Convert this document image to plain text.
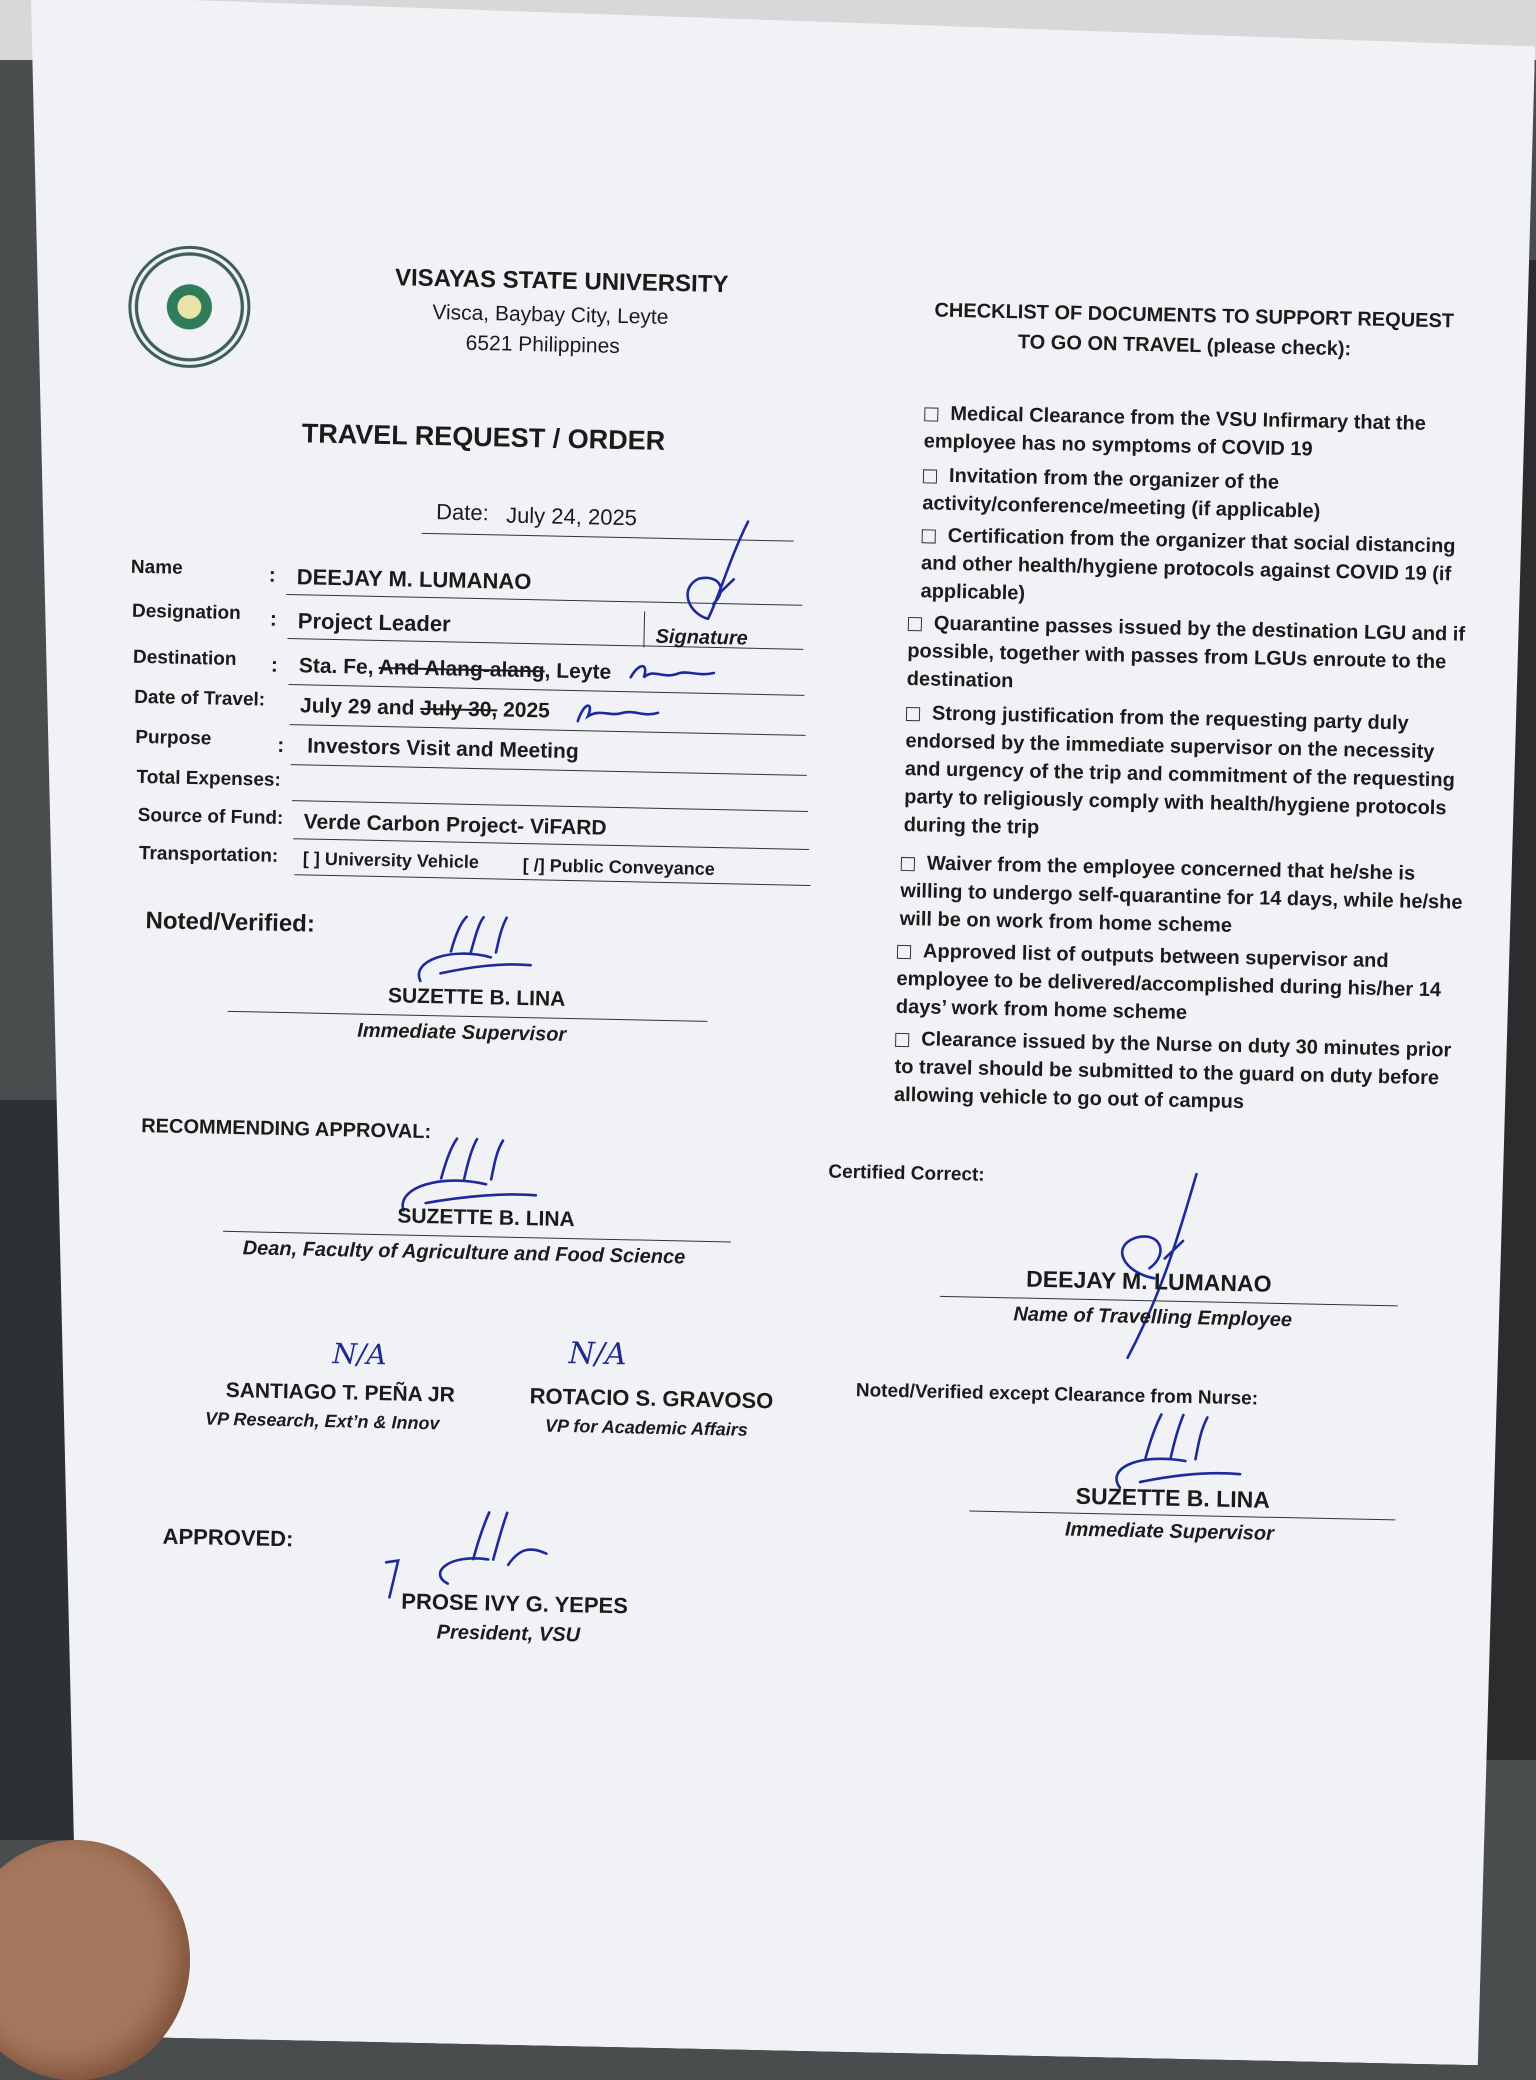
VISAYAS STATE UNIVERSITY
Visca, Baybay City, Leyte
6521 Philippines
TRAVEL REQUEST / ORDER
Date: July 24, 2025
Name	: DEEJAY M. LUMANAO
Designation : Project Leader
Signature
Destination : Sta. Fe, And Alang-alang, Leyte
Date of Travel: July 29 and July 30, 2025
Purpose	: Investors Visit and Meeting
Total Expenses:
Source of Fund: Verde Carbon Project- ViFARD
Transportation: [ ] University Vehicle [ /] Public Conveyance
Noted/Verified:
SUZETTE B. LINA
Immediate Supervisor
RECOMMENDING APPROVAL:
SUZETTE B. LINA
Dean, Faculty of Agriculture and Food Science
N/A
SANTIAGO T. PEÑA JR
VP Research, Ext’n & Innov
N/A
ROTACIO S. GRAVOSO
VP for Academic Affairs
APPROVED:
PROSE IVY G. YEPES
President, VSU
CHECKLIST OF DOCUMENTS TO SUPPORT REQUEST
TO GO ON TRAVEL (please check):
Medical Clearance from the VSU Infirmary that the employee has no symptoms of COVID 19
Invitation from the organizer of the activity/conference/meeting (if applicable)
Certification from the organizer that social distancing and other health/hygiene protocols against COVID 19 (if applicable)
Quarantine passes issued by the destination LGU and if possible, together with passes from LGUs enroute to the destination
Strong justification from the requesting party duly endorsed by the immediate supervisor on the necessity and urgency of the trip and commitment of the requesting party to religiously comply with health/hygiene protocols during the trip
Waiver from the employee concerned that he/she is willing to undergo self-quarantine for 14 days, while he/she will be on work from home scheme
Approved list of outputs between supervisor and employee to be delivered/accomplished during his/her 14 days’ work from home scheme
Clearance issued by the Nurse on duty 30 minutes prior to travel should be submitted to the guard on duty before allowing vehicle to go out of campus
Certified Correct:
DEEJAY M. LUMANAO
Name of Travelling Employee
Noted/Verified except Clearance from Nurse:
SUZETTE B. LINA
Immediate Supervisor
